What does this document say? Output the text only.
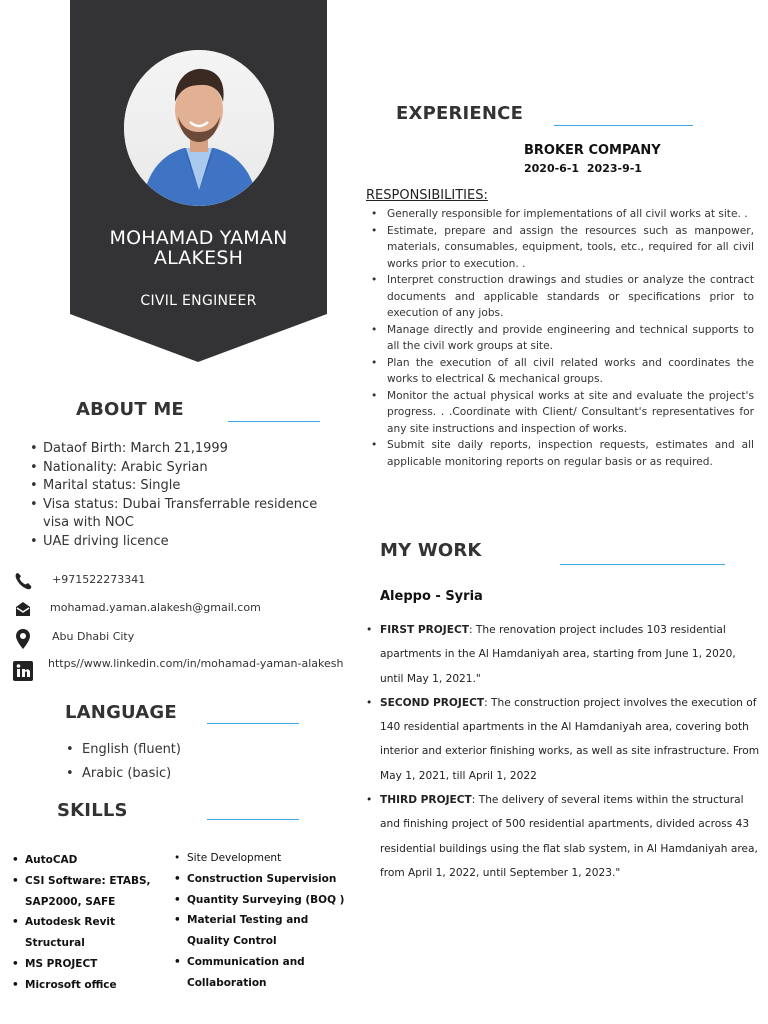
MOHAMAD YAMAN
ALAKESH
CIVIL ENGINEER
ABOUT ME
• Dataof Birth: March 21,1999
• Nationality: Arabic Syrian
• Marital status: Single
• Visa status: Dubai Transferrable residence visa with NOC
• UAE driving licence
+971522273341
mohamad.yaman.alakesh@gmail.com
Abu Dhabi City
https//www.linkedin.com/in/mohamad-yaman-alakesh
LANGUAGE
• English (fluent)
• Arabic (basic)
SKILLS
• AutoCAD
• CSI Software: ETABS, SAP2000, SAFE
• Autodesk Revit Structural
• MS PROJECT
• Microsoft office
• Site Development
• Construction Supervision
• Quantity Surveying (BOQ )
• Material Testing and Quality Control
• Communication and Collaboration
EXPERIENCE
BROKER COMPANY
2020-6-1 2023-9-1
RESPONSIBILITIES:
• Generally responsible for implementations of all civil works at site. .
• Estimate, prepare and assign the resources such as manpower, materials, consumables, equipment, tools, etc., required for all civil works prior to execution. .
• Interpret construction drawings and studies or analyze the contract documents and applicable standards or specifications prior to execution of any jobs.
• Manage directly and provide engineering and technical supports to all the civil work groups at site.
• Plan the execution of all civil related works and coordinates the works to electrical & mechanical groups.
• Monitor the actual physical works at site and evaluate the project's progress. . .Coordinate with Client/ Consultant's representatives for any site instructions and inspection of works.
• Submit site daily reports, inspection requests, estimates and all applicable monitoring reports on regular basis or as required.
MY WORK
Aleppo - Syria
• FIRST PROJECT: The renovation project includes 103 residential apartments in the Al Hamdaniyah area, starting from June 1, 2020, until May 1, 2021."
• SECOND PROJECT: The construction project involves the execution of 140 residential apartments in the Al Hamdaniyah area, covering both interior and exterior finishing works, as well as site infrastructure. From May 1, 2021, till April 1, 2022
• THIRD PROJECT: The delivery of several items within the structural and finishing project of 500 residential apartments, divided across 43 residential buildings using the flat slab system, in Al Hamdaniyah area, from April 1, 2022, until September 1, 2023."
